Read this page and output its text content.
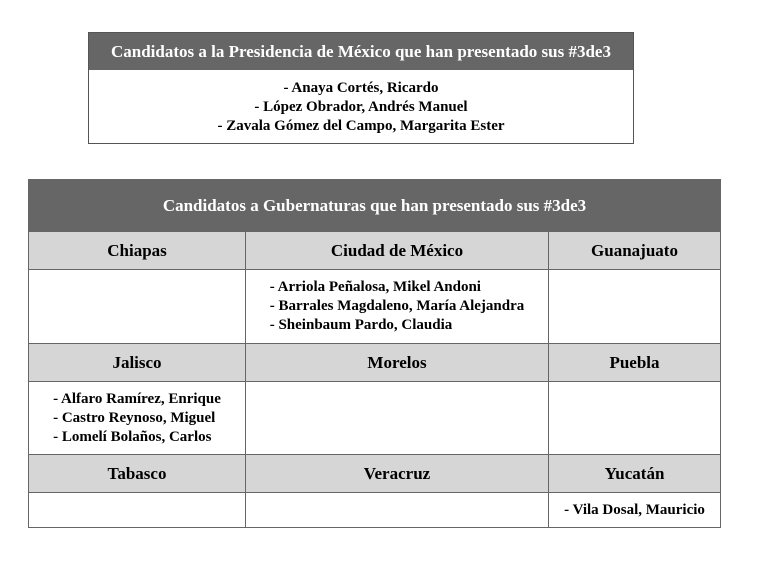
Candidatos a la Presidencia de México que han presentado sus #3de3
- Anaya Cortés, Ricardo
- López Obrador, Andrés Manuel
- Zavala Gómez del Campo, Margarita Ester
Candidatos a Gubernaturas que han presentado sus #3de3		
Chiapas	Ciudad de México	Guanajuato

	- Arriola Peñalosa, Mikel Andoni
- Barrales Magdaleno, María Alejandra
- Sheinbaum Pardo, Claudia	

Jalisco	Morelos	Puebla

- Alfaro Ramírez, Enrique
- Castro Reynoso, Miguel
- Lomelí Bolaños, Carlos		

Tabasco	Veracruz	Yucatán

		- Vila Dosal, Mauricio
